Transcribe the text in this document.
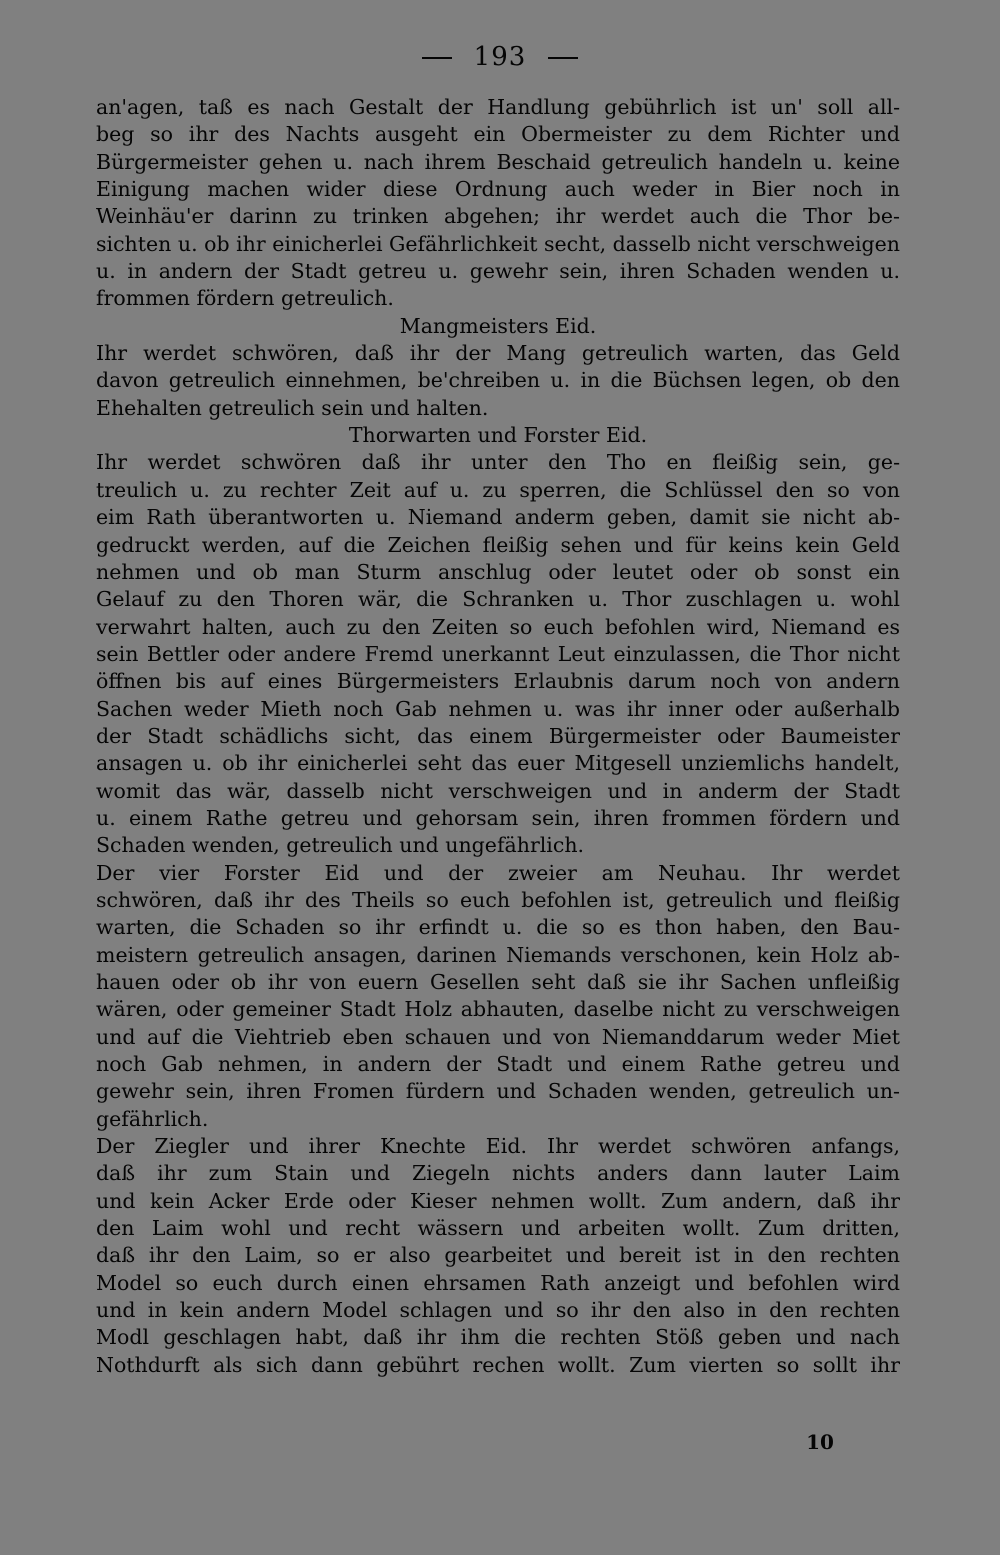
193
an'agen, taß es nach Gestalt der Handlung gebührlich ist un' soll all-
beg so ihr des Nachts ausgeht ein Obermeister zu dem Richter und
Bürgermeister gehen u. nach ihrem Beschaid getreulich handeln u. keine
Einigung machen wider diese Ordnung auch weder in Bier noch in
Weinhäu'er darinn zu trinken abgehen; ihr werdet auch die Thor be-
sichten u. ob ihr einicherlei Gefährlichkeit secht, dasselb nicht verschweigen
u. in andern der Stadt getreu u. gewehr sein, ihren Schaden wenden u.
frommen fördern getreulich.
Mangmeisters Eid.
Ihr werdet schwören, daß ihr der Mang getreulich warten, das Geld
davon getreulich einnehmen, be'chreiben u. in die Büchsen legen, ob den
Ehehalten getreulich sein und halten.
Thorwarten und Forster Eid.
Ihr werdet schwören daß ihr unter den Tho en fleißig sein, ge-
treulich u. zu rechter Zeit auf u. zu sperren, die Schlüssel den so von
eim Rath überantworten u. Niemand anderm geben, damit sie nicht ab-
gedruckt werden, auf die Zeichen fleißig sehen und für keins kein Geld
nehmen und ob man Sturm anschlug oder leutet oder ob sonst ein
Gelauf zu den Thoren wär, die Schranken u. Thor zuschlagen u. wohl
verwahrt halten, auch zu den Zeiten so euch befohlen wird, Niemand es
sein Bettler oder andere Fremd unerkannt Leut einzulassen, die Thor nicht
öffnen bis auf eines Bürgermeisters Erlaubnis darum noch von andern
Sachen weder Mieth noch Gab nehmen u. was ihr inner oder außerhalb
der Stadt schädlichs sicht, das einem Bürgermeister oder Baumeister
ansagen u. ob ihr einicherlei seht das euer Mitgesell unziemlichs handelt,
womit das wär, dasselb nicht verschweigen und in anderm der Stadt
u. einem Rathe getreu und gehorsam sein, ihren frommen fördern und
Schaden wenden, getreulich und ungefährlich.
Der vier Forster Eid und der zweier am Neuhau. Ihr werdet
schwören, daß ihr des Theils so euch befohlen ist, getreulich und fleißig
warten, die Schaden so ihr erfindt u. die so es thon haben, den Bau-
meistern getreulich ansagen, darinen Niemands verschonen, kein Holz ab-
hauen oder ob ihr von euern Gesellen seht daß sie ihr Sachen unfleißig
wären, oder gemeiner Stadt Holz abhauten, daselbe nicht zu verschweigen
und auf die Viehtrieb eben schauen und von Niemanddarum weder Miet
noch Gab nehmen, in andern der Stadt und einem Rathe getreu und
gewehr sein, ihren Fromen fürdern und Schaden wenden, getreulich un-
gefährlich.
Der Ziegler und ihrer Knechte Eid. Ihr werdet schwören anfangs,
daß ihr zum Stain und Ziegeln nichts anders dann lauter Laim
und kein Acker Erde oder Kieser nehmen wollt. Zum andern, daß ihr
den Laim wohl und recht wässern und arbeiten wollt. Zum dritten,
daß ihr den Laim, so er also gearbeitet und bereit ist in den rechten
Model so euch durch einen ehrsamen Rath anzeigt und befohlen wird
und in kein andern Model schlagen und so ihr den also in den rechten
Modl geschlagen habt, daß ihr ihm die rechten Stöß geben und nach
Nothdurft als sich dann gebührt rechen wollt. Zum vierten so sollt ihr
10
